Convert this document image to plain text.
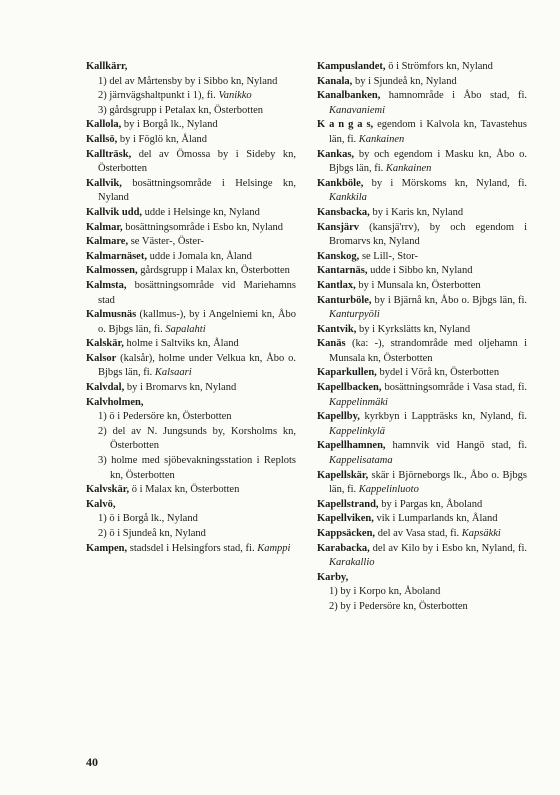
Kallkärr,

1) del av Mårtensby by i Sibbo kn, Nyland

2) järnvägshaltpunkt i 1), fi. Vanikko

3) gårdsgrupp i Petalax kn, Österbotten

Kallola, by i Borgå lk., Nyland

Kallsö, by i Föglö kn, Åland

Kallträsk, del av Ömossa by i Sideby kn, Österbotten

Kallvik, bosättningsområde i Helsinge kn, Nyland

Kallvik udd, udde i Helsinge kn, Nyland

Kalmar, bosättningsområde i Esbo kn, Nyland

Kalmare, se Väster-, Öster-

Kalmarnäset, udde i Jomala kn, Åland

Kalmossen, gårdsgrupp i Malax kn, Österbotten

Kalmsta, bosättningsområde vid Mariehamns stad

Kalmusnäs (kallmus-), by i Angelniemi kn, Åbo o. Bjbgs län, fi. Sapalahti

Kalskär, holme i Saltviks kn, Åland

Kalsor (kalsår), holme under Velkua kn, Åbo o. Bjbgs län, fi. Kalsaari

Kalvdal, by i Bromarvs kn, Nyland

Kalvholmen,

1) ö i Pedersöre kn, Österbotten

2) del av N. Jungsunds by, Korsholms kn, Österbotten

3) holme med sjöbevakningsstation i Replots kn, Österbotten

Kalvskär, ö i Malax kn, Österbotten

Kalvö,

1) ö i Borgå lk., Nyland

2) ö i Sjundeå kn, Nyland

Kampen, stadsdel i Helsingfors stad, fi. Kamppi

Kampuslandet, ö i Strömfors kn, Nyland

Kanala, by i Sjundeå kn, Nyland

Kanalbanken, hamnområde i Åbo stad, fi. Kanavaniemi

K a n g a s, egendom i Kalvola kn, Tavastehus län, fi. Kankainen

Kankas, by och egendom i Masku kn, Åbo o. Bjbgs län, fi. Kankainen

Kankböle, by i Mörskoms kn, Nyland, fi. Kankkila

Kansbacka, by i Karis kn, Nyland

Kansjärv (kansjä'rrv), by och egendom i Bromarvs kn, Nyland

Kanskog, se Lill-, Stor-

Kantarnäs, udde i Sibbo kn, Nyland

Kantlax, by i Munsala kn, Österbotten

Kanturböle, by i Bjärnå kn, Åbo o. Bjbgs län, fi. Kanturpyöli

Kantvik, by i Kyrkslätts kn, Nyland

Kanäs (ka: -), strandområde med oljehamn i Munsala kn, Österbotten

Kaparkullen, bydel i Vörå kn, Österbotten

Kapellbacken, bosättningsområde i Vasa stad, fi. Kappelinmäki

Kapellby, kyrkbyn i Lappträsks kn, Nyland, fi. Kappelinkylä

Kapellhamnen, hamnvik vid Hangö stad, fi. Kappelisatama

Kapellskär, skär i Björneborgs lk., Åbo o. Bjbgs län, fi. Kappelinluoto

Kapellstrand, by i Pargas kn, Åboland

Kapellviken, vik i Lumparlands kn, Åland

Kappsäcken, del av Vasa stad, fi. Kapsäkki

Karabacka, del av Kilo by i Esbo kn, Nyland, fi. Karakallio

Karby,

1) by i Korpo kn, Åboland

2) by i Pedersöre kn, Österbotten

40
